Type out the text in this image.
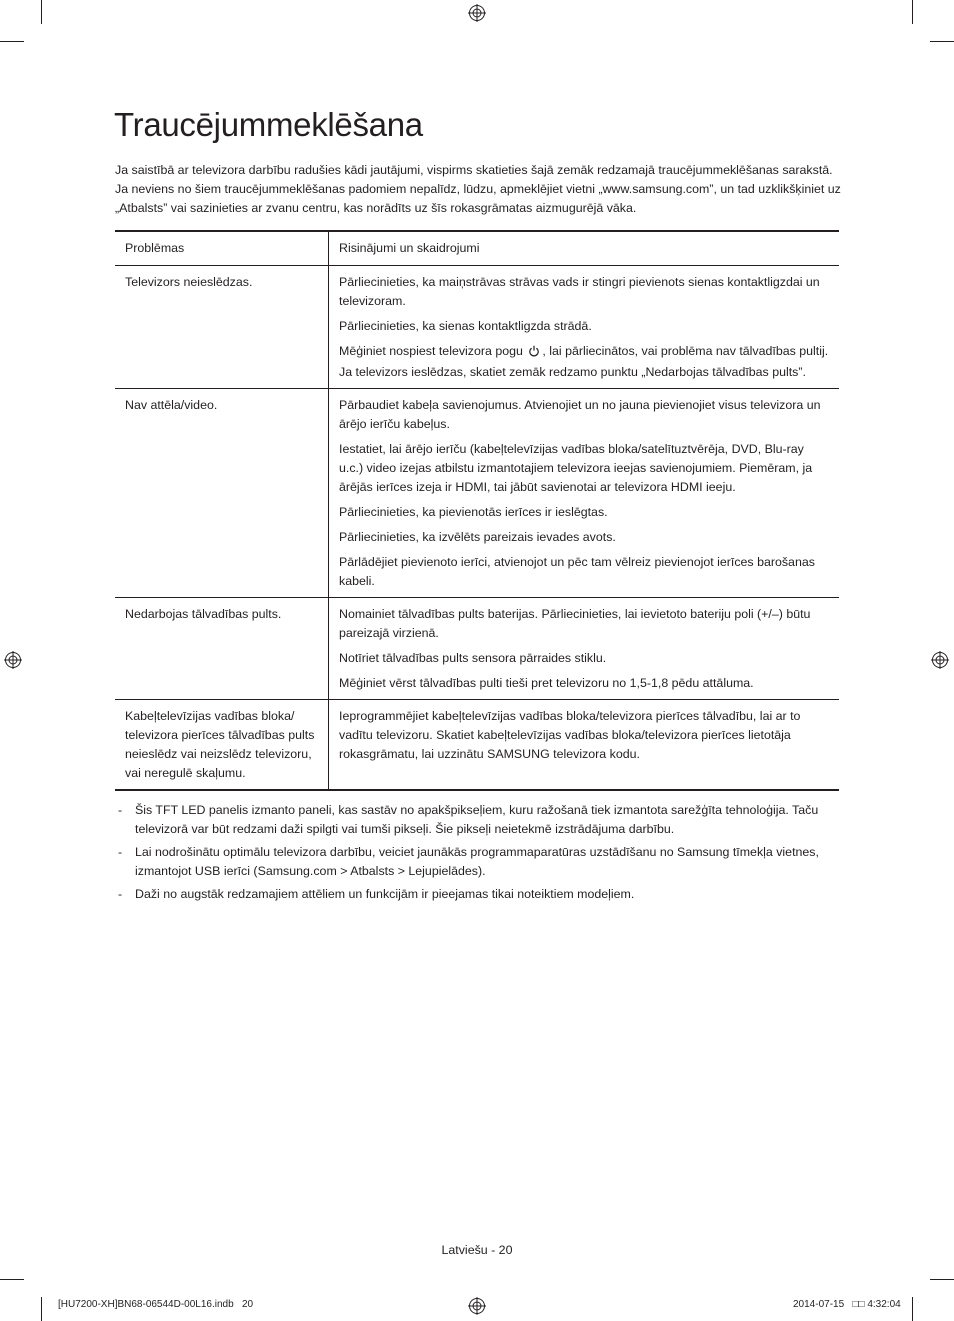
Traucējummeklēšana

Ja saistībā ar televizora darbību radušies kādi jautājumi, vispirms skatieties šajā zemāk redzamajā traucējummeklēšanas sarakstā. Ja neviens no šiem traucējummeklēšanas padomiem nepalīdz, lūdzu, apmeklējiet vietni „www.samsung.com”, un tad uzklikšķiniet uz „Atbalsts” vai sazinieties ar zvanu centru, kas norādīts uz šīs rokasgrāmatas aizmugurējā vāka.

Problēmas	Risinājumi un skaidrojumi
Televizors neieslēdzas.	Pārliecinieties, ka maiņstrāvas strāvas vads ir stingri pievienots sienas kontaktligzdai un televizoram.

Pārliecinieties, ka sienas kontaktligzda strādā.

Mēģiniet nospiest televizora pogu , lai pārliecinātos, vai problēma nav tālvadības pultij. Ja televizors ieslēdzas, skatiet zemāk redzamo punktu „Nedarbojas tālvadības pults”.

Nav attēla/video.	Pārbaudiet kabeļa savienojumus. Atvienojiet un no jauna pievienojiet visus televizora un ārējo ierīču kabeļus.

Iestatiet, lai ārējo ierīču (kabeļtelevīzijas vadības bloka/satelītuztvērēja, DVD, Blu-ray u.c.) video izejas atbilstu izmantotajiem televizora ieejas savienojumiem. Piemēram, ja ārējās ierīces izeja ir HDMI, tai jābūt savienotai ar televizora HDMI ieeju.

Pārliecinieties, ka pievienotās ierīces ir ieslēgtas.

Pārliecinieties, ka izvēlēts pareizais ievades avots.

Pārlādējiet pievienoto ierīci, atvienojot un pēc tam vēlreiz pievienojot ierīces barošanas kabeli.

Nedarbojas tālvadības pults.	Nomainiet tālvadības pults baterijas. Pārliecinieties, lai ievietoto bateriju poli (+/–) būtu pareizajā virzienā.

Notīriet tālvadības pults sensora pārraides stiklu.

Mēģiniet vērst tālvadības pulti tieši pret televizoru no 1,5-1,8 pēdu attāluma.

Kabeļtelevīzijas vadības bloka/ televizora pierīces tālvadības pults neieslēdz vai neizslēdz televizoru, vai neregulē skaļumu.	Ieprogrammējiet kabeļtelevīzijas vadības bloka/televizora pierīces tālvadību, lai ar to vadītu televizoru. Skatiet kabeļtelevīzijas vadības bloka/televizora pierīces lietotāja rokasgrāmatu, lai uzzinātu SAMSUNG televizora kodu.

- Šis TFT LED panelis izmanto paneli, kas sastāv no apakšpikseļiem, kuru ražošanā tiek izmantota sarežģīta tehnoloģija. Taču televizorā var būt redzami daži spilgti vai tumši pikseļi. Šie pikseļi neietekmē izstrādājuma darbību.
- Lai nodrošinātu optimālu televizora darbību, veiciet jaunākās programmaparatūras uzstādīšanu no Samsung tīmekļa vietnes, izmantojot USB ierīci (Samsung.com > Atbalsts > Lejupielādes).
- Daži no augstāk redzamajiem attēliem un funkcijām ir pieejamas tikai noteiktiem modeļiem.
Latviešu - 20
[HU7200-XH]BN68-06544D-00L16.indb   20	2014-07-15   □□ 4:32:04
